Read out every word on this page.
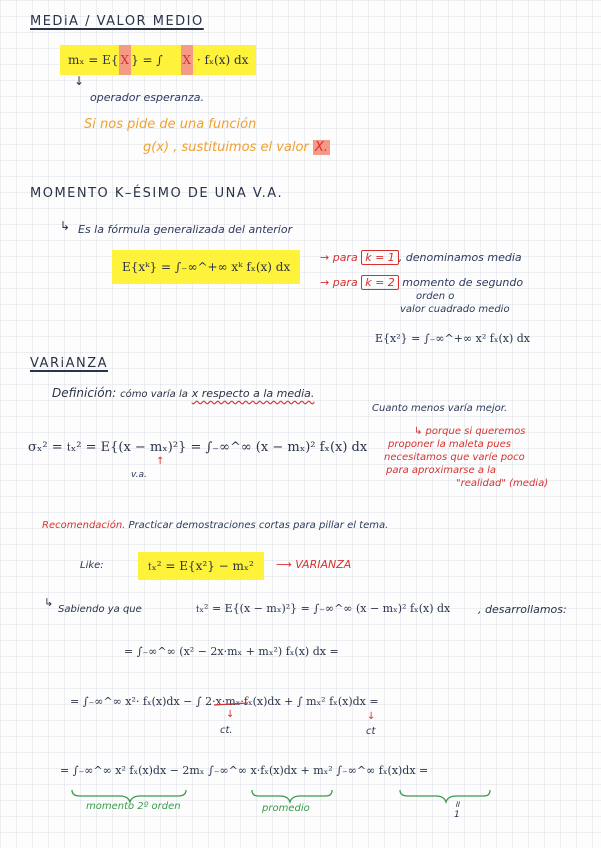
MEDiA / VALOR MEDIO
mₓ = E{ X } = ∫ X · fₓ(x) dx
↓
operador esperanza.
Si nos pide de una función
g(x) , sustituimos el valor X.
MOMENTO K–ÉSIMO DE UNA V.A.
↳ Es la fórmula generalizada del anterior
E{xᵏ} = ∫₋∞^+∞ xᵏ fₓ(x) dx
→ para k = 1 , denominamos media
→ para k = 2 momento de segundo
orden o
valor cuadrado medio
E{x²} = ∫₋∞^+∞ x² fₓ(x) dx
VARiANZA
Definición: cómo varía la x respecto a la media.
Cuanto menos varía mejor.
σₓ² = 𝔱ₓ² = E{(x − mₓ)²} = ∫₋∞^∞ (x − mₓ)² fₓ(x) dx
↑
v.a.
↳ porque si queremos
proponer la maleta pues
necesitamos que varíe poco
para aproximarse a la
"realidad" (media)
Recomendación. Practicar demostraciones cortas para pillar el tema.
Like:	𝔱ₓ² = E{x²} − mₓ²	⟶ VARIANZA
↳
Sabiendo ya que	𝔱ₓ² = E{(x − mₓ)²} = ∫₋∞^∞ (x − mₓ)² fₓ(x) dx	, desarrollamos:
= ∫₋∞^∞ (x² − 2x·mₓ + mₓ²) fₓ(x) dx =
= ∫₋∞^∞ x²· fₓ(x)dx − ∫ 2·x·mₓ·fₓ(x)dx + ∫ mₓ² fₓ(x)dx =
↓
ct.
↓
ct
= ∫₋∞^∞ x² fₓ(x)dx − 2mₓ ∫₋∞^∞ x·fₓ(x)dx + mₓ² ∫₋∞^∞ fₓ(x)dx =
momento 2º orden	promedio	॥
1
